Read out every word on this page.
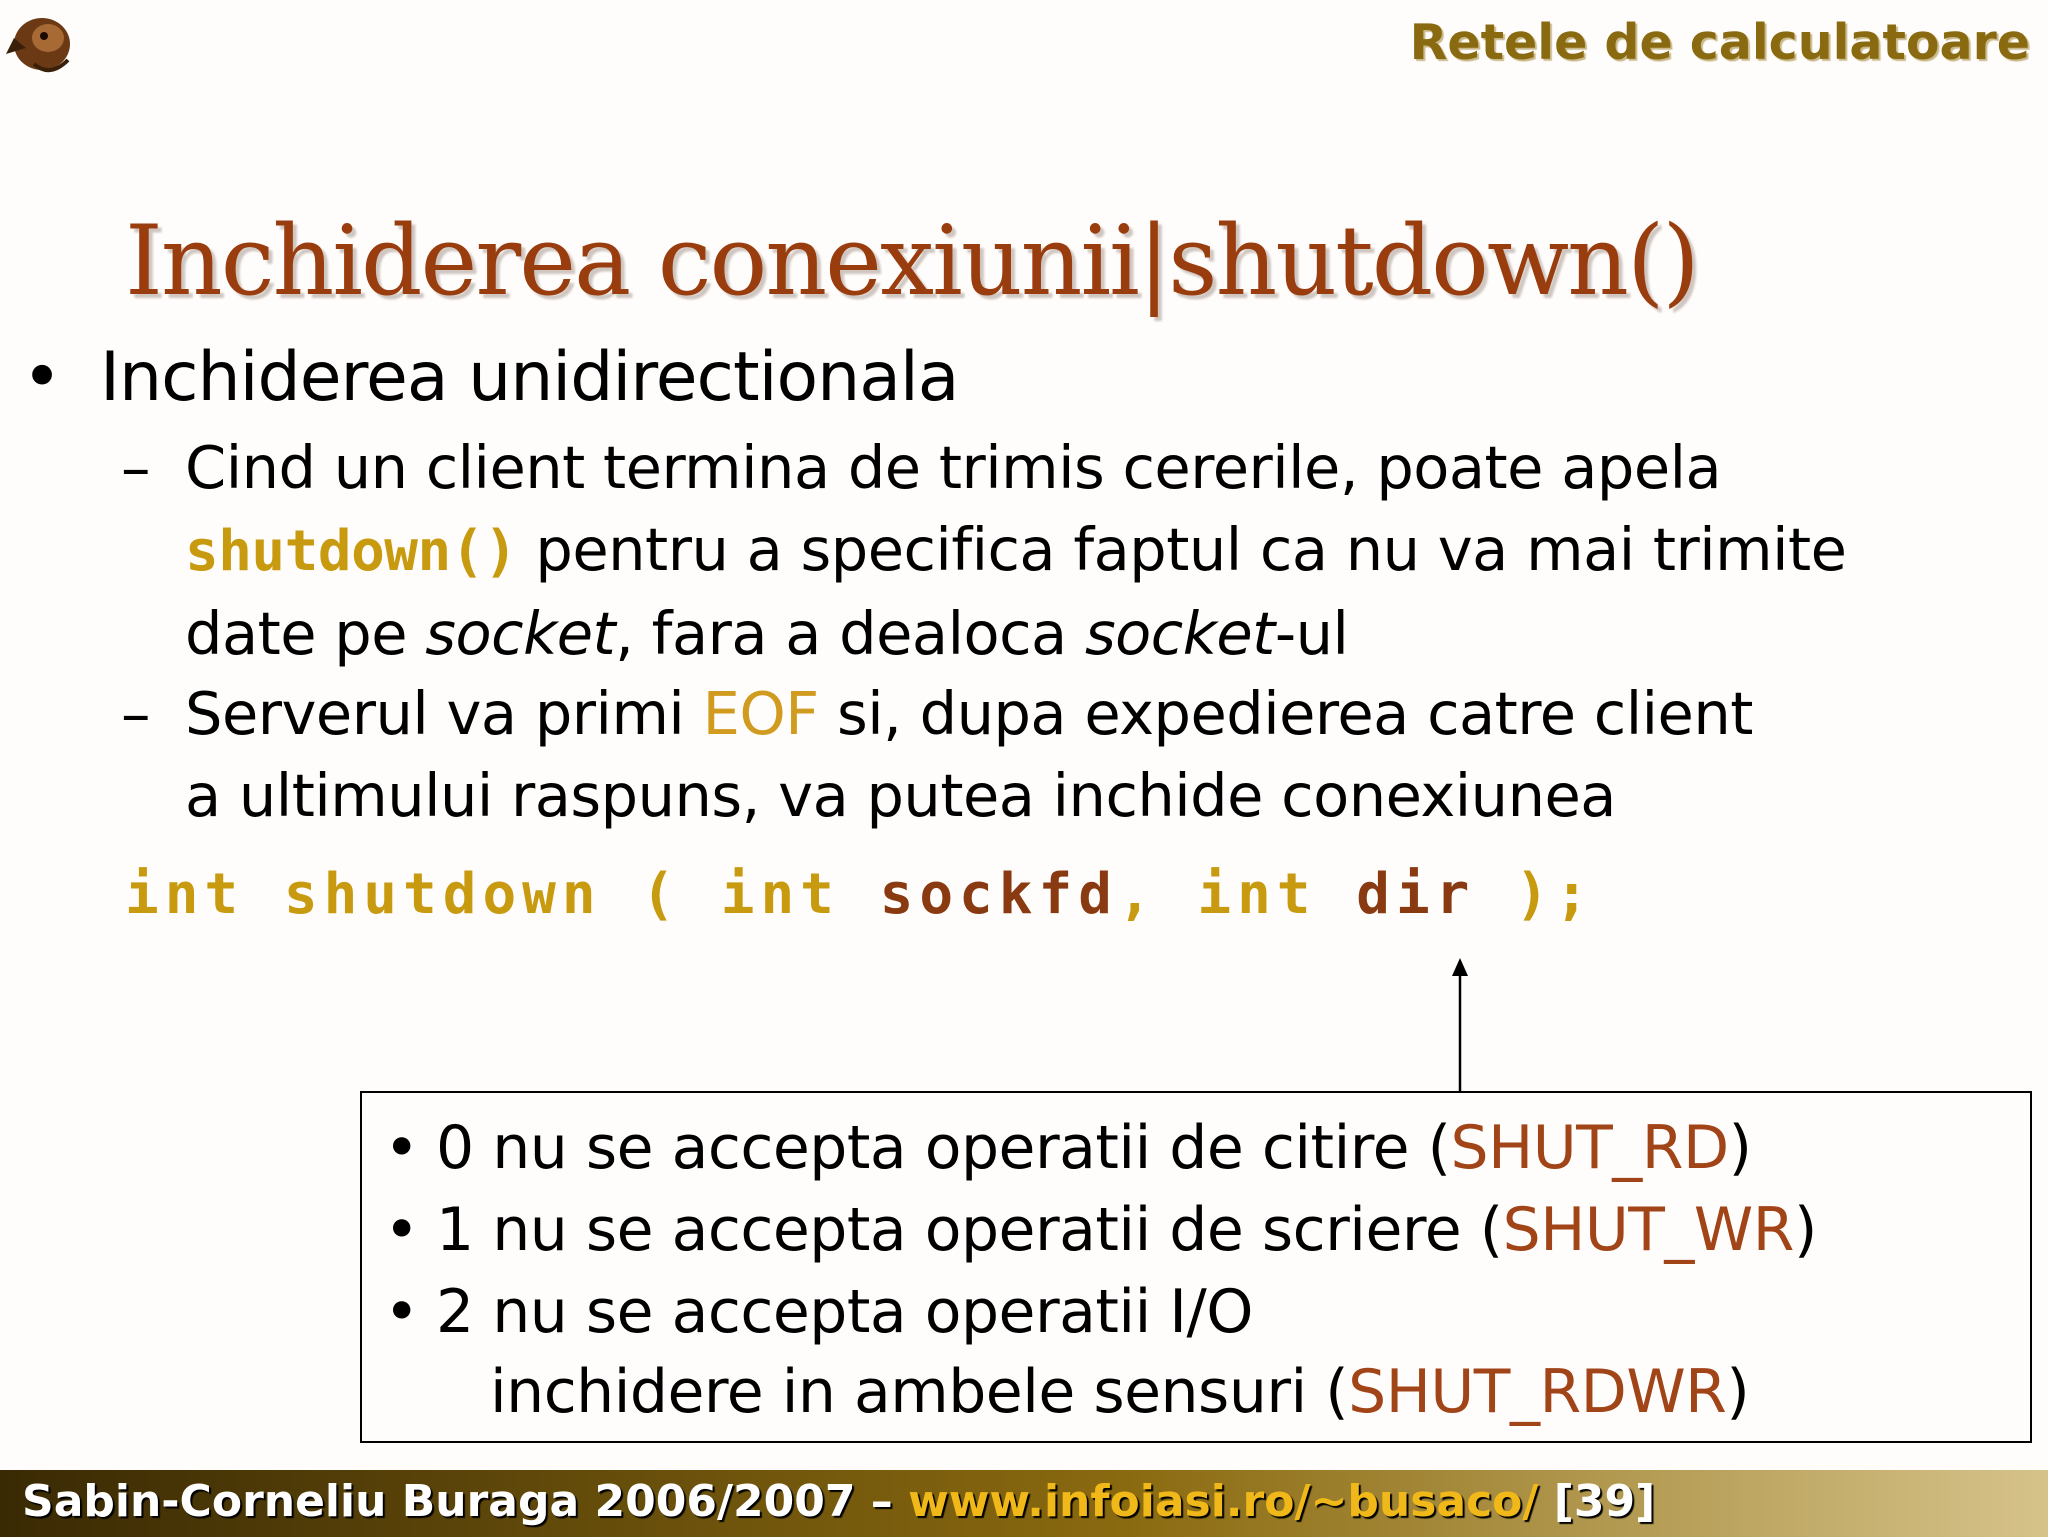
Retele de calculatoare
Inchiderea conexiunii|shutdown()
• Inchiderea unidirectionala
– Cind un client termina de trimis cererile, poate apela
shutdown() pentru a specifica faptul ca nu va mai trimite
date pe socket, fara a dealoca socket-ul
– Serverul va primi EOF si, dupa expedierea catre client
a ultimului raspuns, va putea inchide conexiunea
int shutdown ( int sockfd, int dir );
• 0 nu se accepta operatii de citire (SHUT_RD)
• 1 nu se accepta operatii de scriere (SHUT_WR)
• 2 nu se accepta operatii I/O
inchidere in ambele sensuri (SHUT_RDWR)
Sabin-Corneliu Buraga 2006/2007 – www.infoiasi.ro/~busaco/ [39]
